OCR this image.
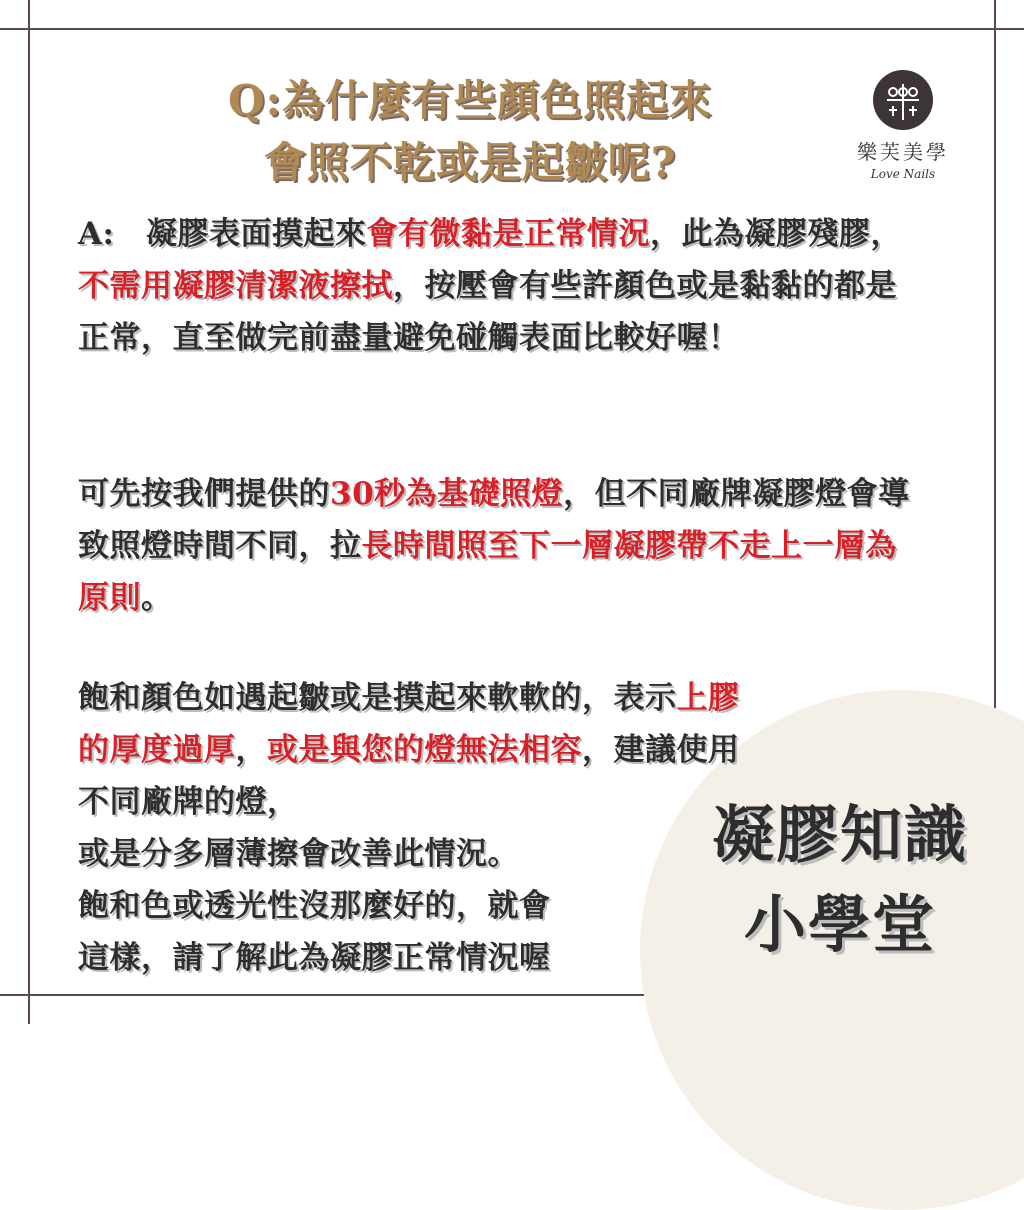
Q:為什麼有些顏色照起來
會照不乾或是起皺呢?	樂芙美學
Love Nails
A:　凝膠表面摸起來會有微黏是正常情況，此為凝膠殘膠，不需用凝膠清潔液擦拭，按壓會有些許顏色或是黏黏的都是正常，直至做完前盡量避免碰觸表面比較好喔！
可先按我們提供的30秒為基礎照燈，但不同廠牌凝膠燈會導致照燈時間不同，拉長時間照至下一層凝膠帶不走上一層為原則。
飽和顏色如遇起皺或是摸起來軟軟的，表示上膠的厚度過厚，或是與您的燈無法相容，建議使用不同廠牌的燈，
或是分多層薄擦會改善此情況。
飽和色或透光性沒那麼好的，就會
這樣，請了解此為凝膠正常情況喔
凝膠知識
小學堂
